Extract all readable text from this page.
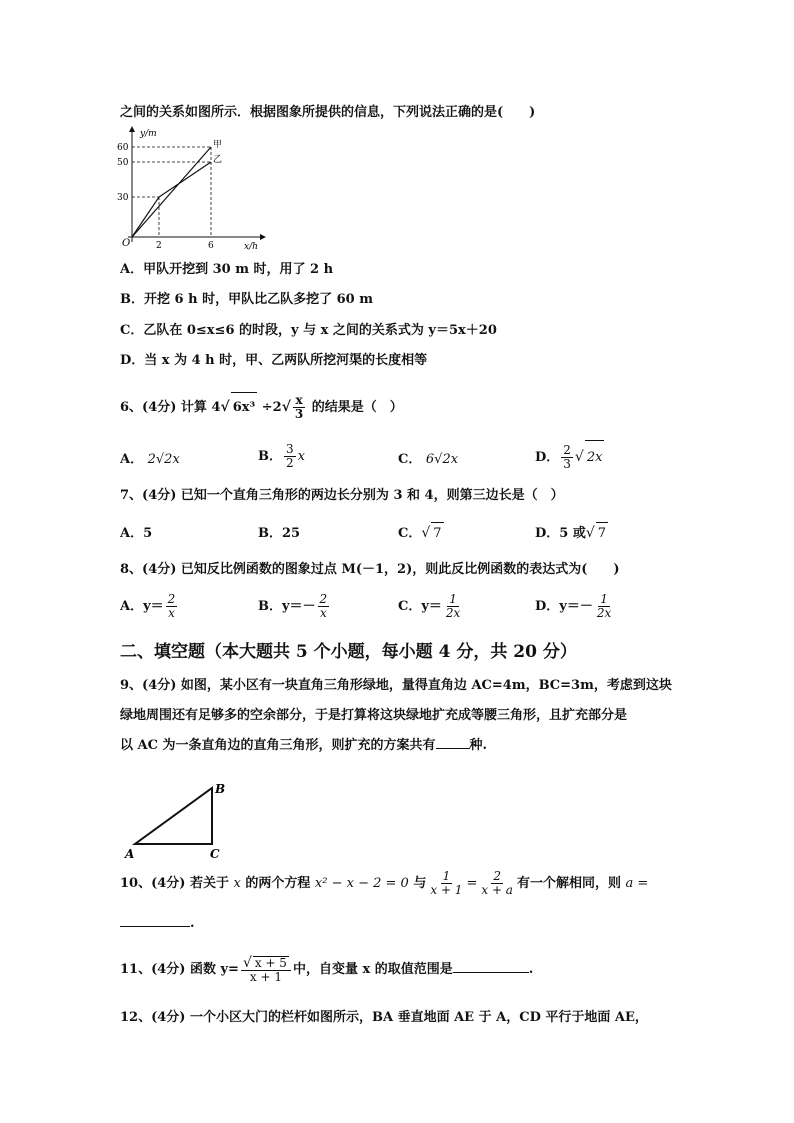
之间的关系如图所示．根据图象所提供的信息，下列说法正确的是(　　)
y/m
x/h
O
60
50
30
2	6
甲
乙
A．甲队开挖到 30 m 时，用了 2 h
B．开挖 6 h 时，甲队比乙队多挖了 60 m
C．乙队在 0≤x≤6 的时段，y 与 x 之间的关系式为 y＝5x＋20
D．当 x 为 4 h 时，甲、乙两队所挖河渠的长度相等
6、(4分) 计算 4√ $6x^3 \div 2√ \frac{x}{3}$ 的结果是（　）
A． 2√2x	B． $\frac{3}{2}$ x	C． 6√2x	D． $\frac{2}{3}$ √ 2x
7、(4分) 已知一个直角三角形的两边长分别为 3 和 4，则第三边长是（　）
A．5	B．25	C．√ 7	D．5 或√ 7
8、(4分) 已知反比例函数的图象过点 M(－1，2)，则此反比例函数的表达式为(　　)
A．$y= \frac{2}{x}$	B．$y=- \frac{2}{x}$	C．$y= \frac{1}{2x}$	D．$y=- \frac{1}{2x}$
二、填空题（本大题共 5 个小题，每小题 4 分，共 20 分）
9、(4分) 如图，某小区有一块直角三角形绿地，量得直角边 AC=4m，BC=3m，考虑到这块
绿地周围还有足够多的空余部分，于是打算将这块绿地扩充成等腰三角形，且扩充部分是
以 AC 为一条直角边的直角三角形，则扩充的方案共有	种.
A
B
C
10、(4分) 若关于 x 的两个方程 x² − x − 2 = 0 与 $\frac{1}{x + 1} = \frac{2}{x + a}$ 有一个解相同，则 a =
.
11、(4分) 函数 $y= \frac{√ x + 5}{x + 1}$ 中，自变量 x 的取值范围是	.
12、(4分) 一个小区大门的栏杆如图所示，BA 垂直地面 AE 于 A，CD 平行于地面 AE，
